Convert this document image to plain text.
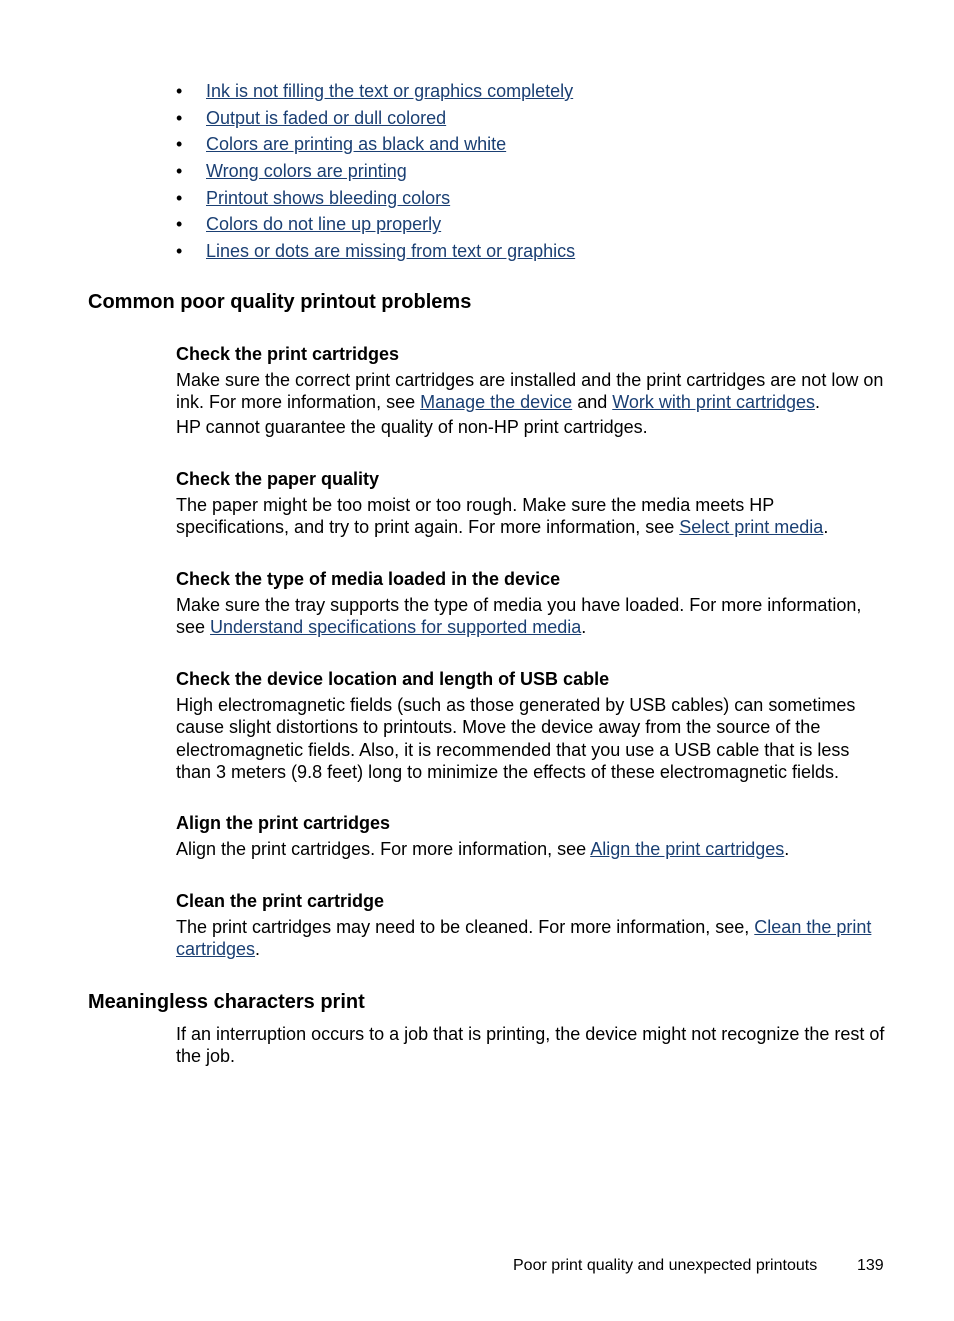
• Ink is not filling the text or graphics completely
• Output is faded or dull colored
• Colors are printing as black and white
• Wrong colors are printing
• Printout shows bleeding colors
• Colors do not line up properly
• Lines or dots are missing from text or graphics
Common poor quality printout problems
Check the print cartridges

Make sure the correct print cartridges are installed and the print cartridges are not low on ink. For more information, see Manage the device and Work with print cartridges.

HP cannot guarantee the quality of non-HP print cartridges.

Check the paper quality

The paper might be too moist or too rough. Make sure the media meets HP specifications, and try to print again. For more information, see Select print media.

Check the type of media loaded in the device

Make sure the tray supports the type of media you have loaded. For more information, see Understand specifications for supported media.

Check the device location and length of USB cable

High electromagnetic fields (such as those generated by USB cables) can sometimes cause slight distortions to printouts. Move the device away from the source of the electromagnetic fields. Also, it is recommended that you use a USB cable that is less than 3 meters (9.8 feet) long to minimize the effects of these electromagnetic fields.

Align the print cartridges

Align the print cartridges. For more information, see Align the print cartridges.

Clean the print cartridge

The print cartridges may need to be cleaned. For more information, see, Clean the print cartridges.

Meaningless characters print

If an interruption occurs to a job that is printing, the device might not recognize the rest of the job.

Poor print quality and unexpected printouts 139
